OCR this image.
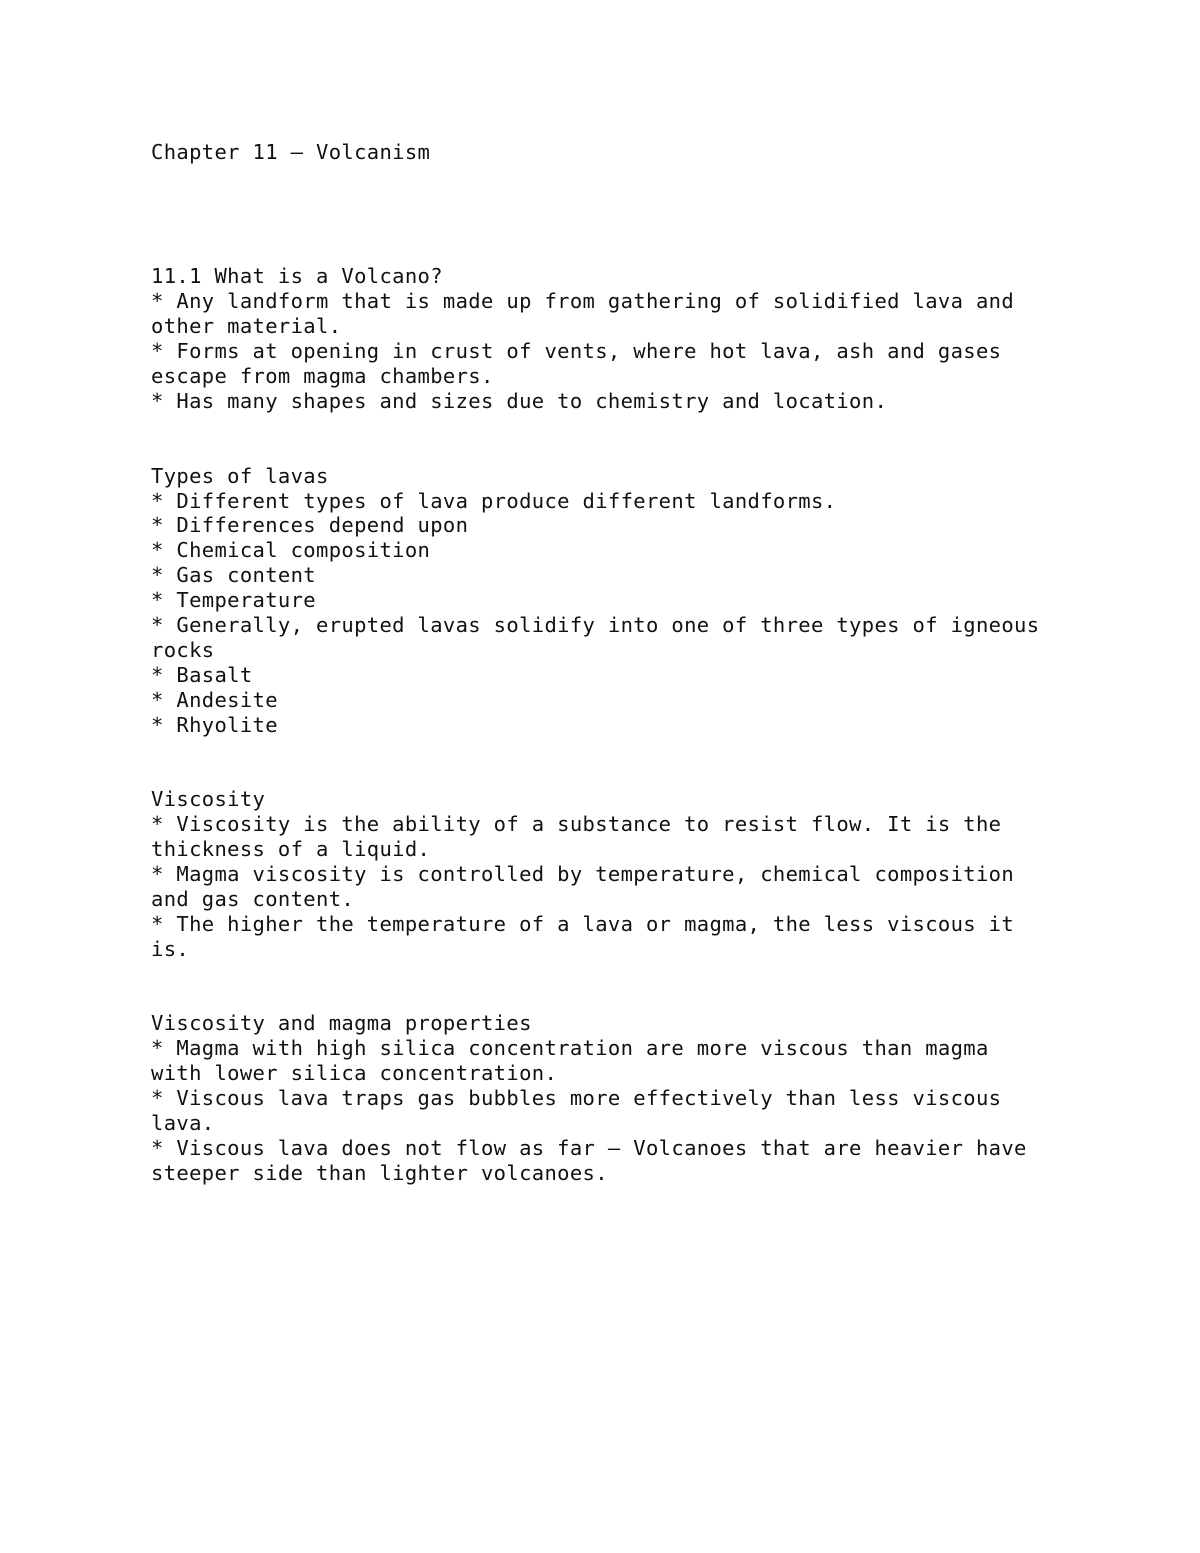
Chapter 11 – Volcanism
11.1 What is a Volcano?
* Any landform that is made up from gathering of solidified lava and
other material.
* Forms at opening in crust of vents, where hot lava, ash and gases
escape from magma chambers.
* Has many shapes and sizes due to chemistry and location.
Types of lavas
* Different types of lava produce different landforms.
* Differences depend upon
* Chemical composition
* Gas content
* Temperature
* Generally, erupted lavas solidify into one of three types of igneous
rocks
* Basalt
* Andesite
* Rhyolite
Viscosity
* Viscosity is the ability of a substance to resist flow. It is the
thickness of a liquid.
* Magma viscosity is controlled by temperature, chemical composition
and gas content.
* The higher the temperature of a lava or magma, the less viscous it
is.
Viscosity and magma properties
* Magma with high silica concentration are more viscous than magma
with lower silica concentration.
* Viscous lava traps gas bubbles more effectively than less viscous
lava.
* Viscous lava does not flow as far – Volcanoes that are heavier have
steeper side than lighter volcanoes.
